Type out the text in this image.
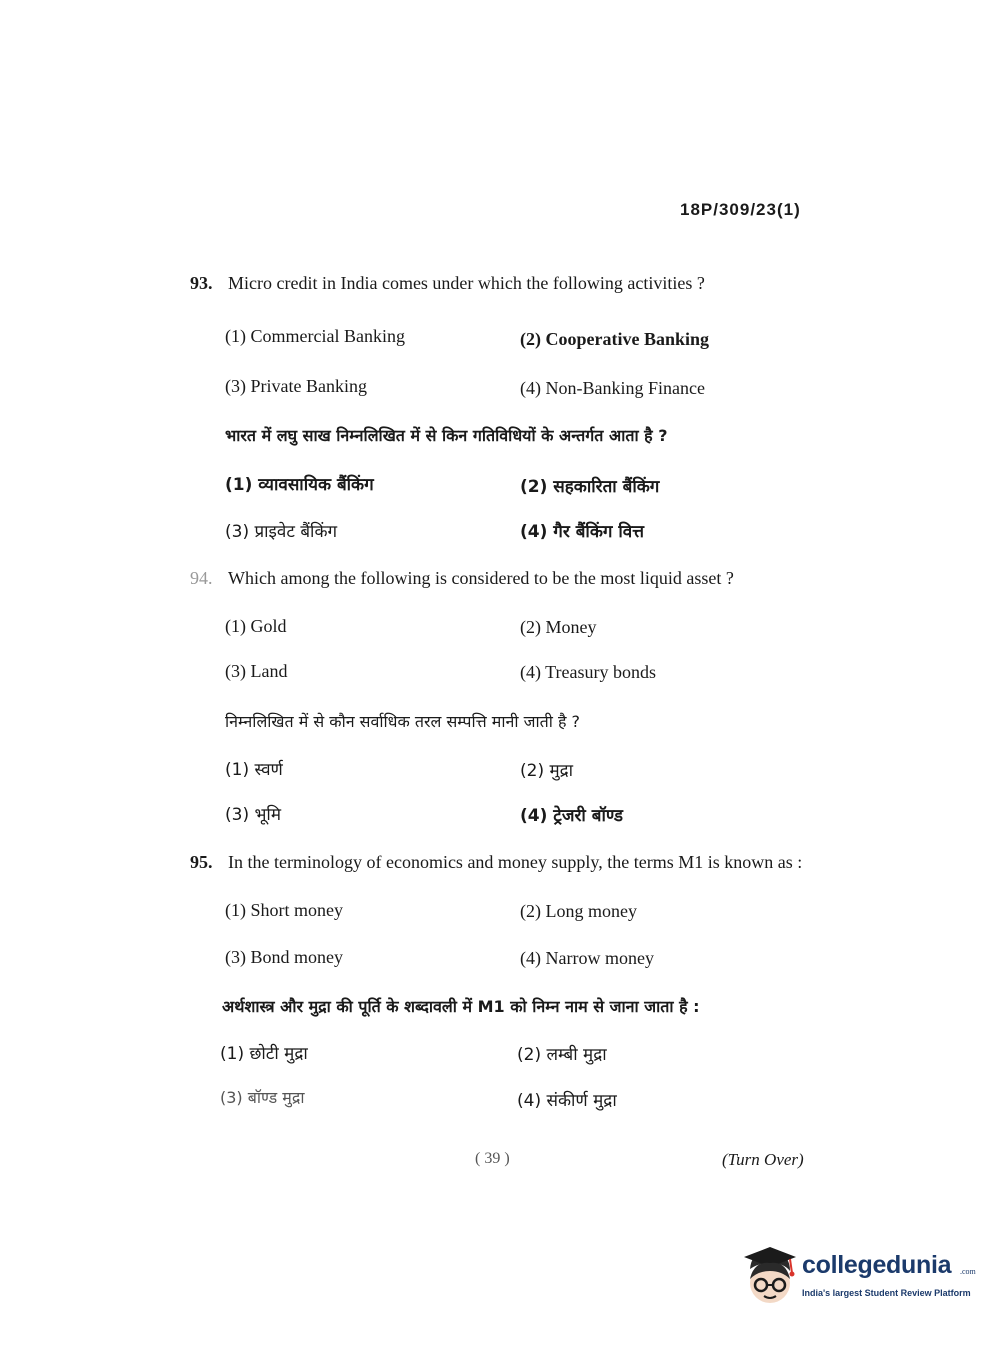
18P/309/23(1)
93. Micro credit in India comes under which the following activities ?
(1) Commercial Banking	(2) Cooperative Banking
(3) Private Banking	(4) Non-Banking Finance
भारत में लघु साख निम्नलिखित में से किन गतिविधियों के अन्तर्गत आता है ?
(1) व्यावसायिक बैंकिंग	(2) सहकारिता बैंकिंग
(3) प्राइवेट बैंकिंग	(4) गैर बैंकिंग वित्त
94. Which among the following is considered to be the most liquid asset ?
(1) Gold	(2) Money
(3) Land	(4) Treasury bonds
निम्नलिखित में से कौन सर्वाधिक तरल सम्पत्ति मानी जाती है ?
(1) स्वर्ण	(2) मुद्रा
(3) भूमि	(4) ट्रेजरी बॉण्ड
95. In the terminology of economics and money supply, the terms M1 is known as :
(1) Short money	(2) Long money
(3) Bond money	(4) Narrow money
अर्थशास्त्र और मुद्रा की पूर्ति के शब्दावली में M1 को निम्न नाम से जाना जाता है :
(1) छोटी मुद्रा	(2) लम्बी मुद्रा
(3) बॉण्ड मुद्रा	(4) संकीर्ण मुद्रा
( 39 )	(Turn Over)
collegedunia .com
India's largest Student Review Platform
